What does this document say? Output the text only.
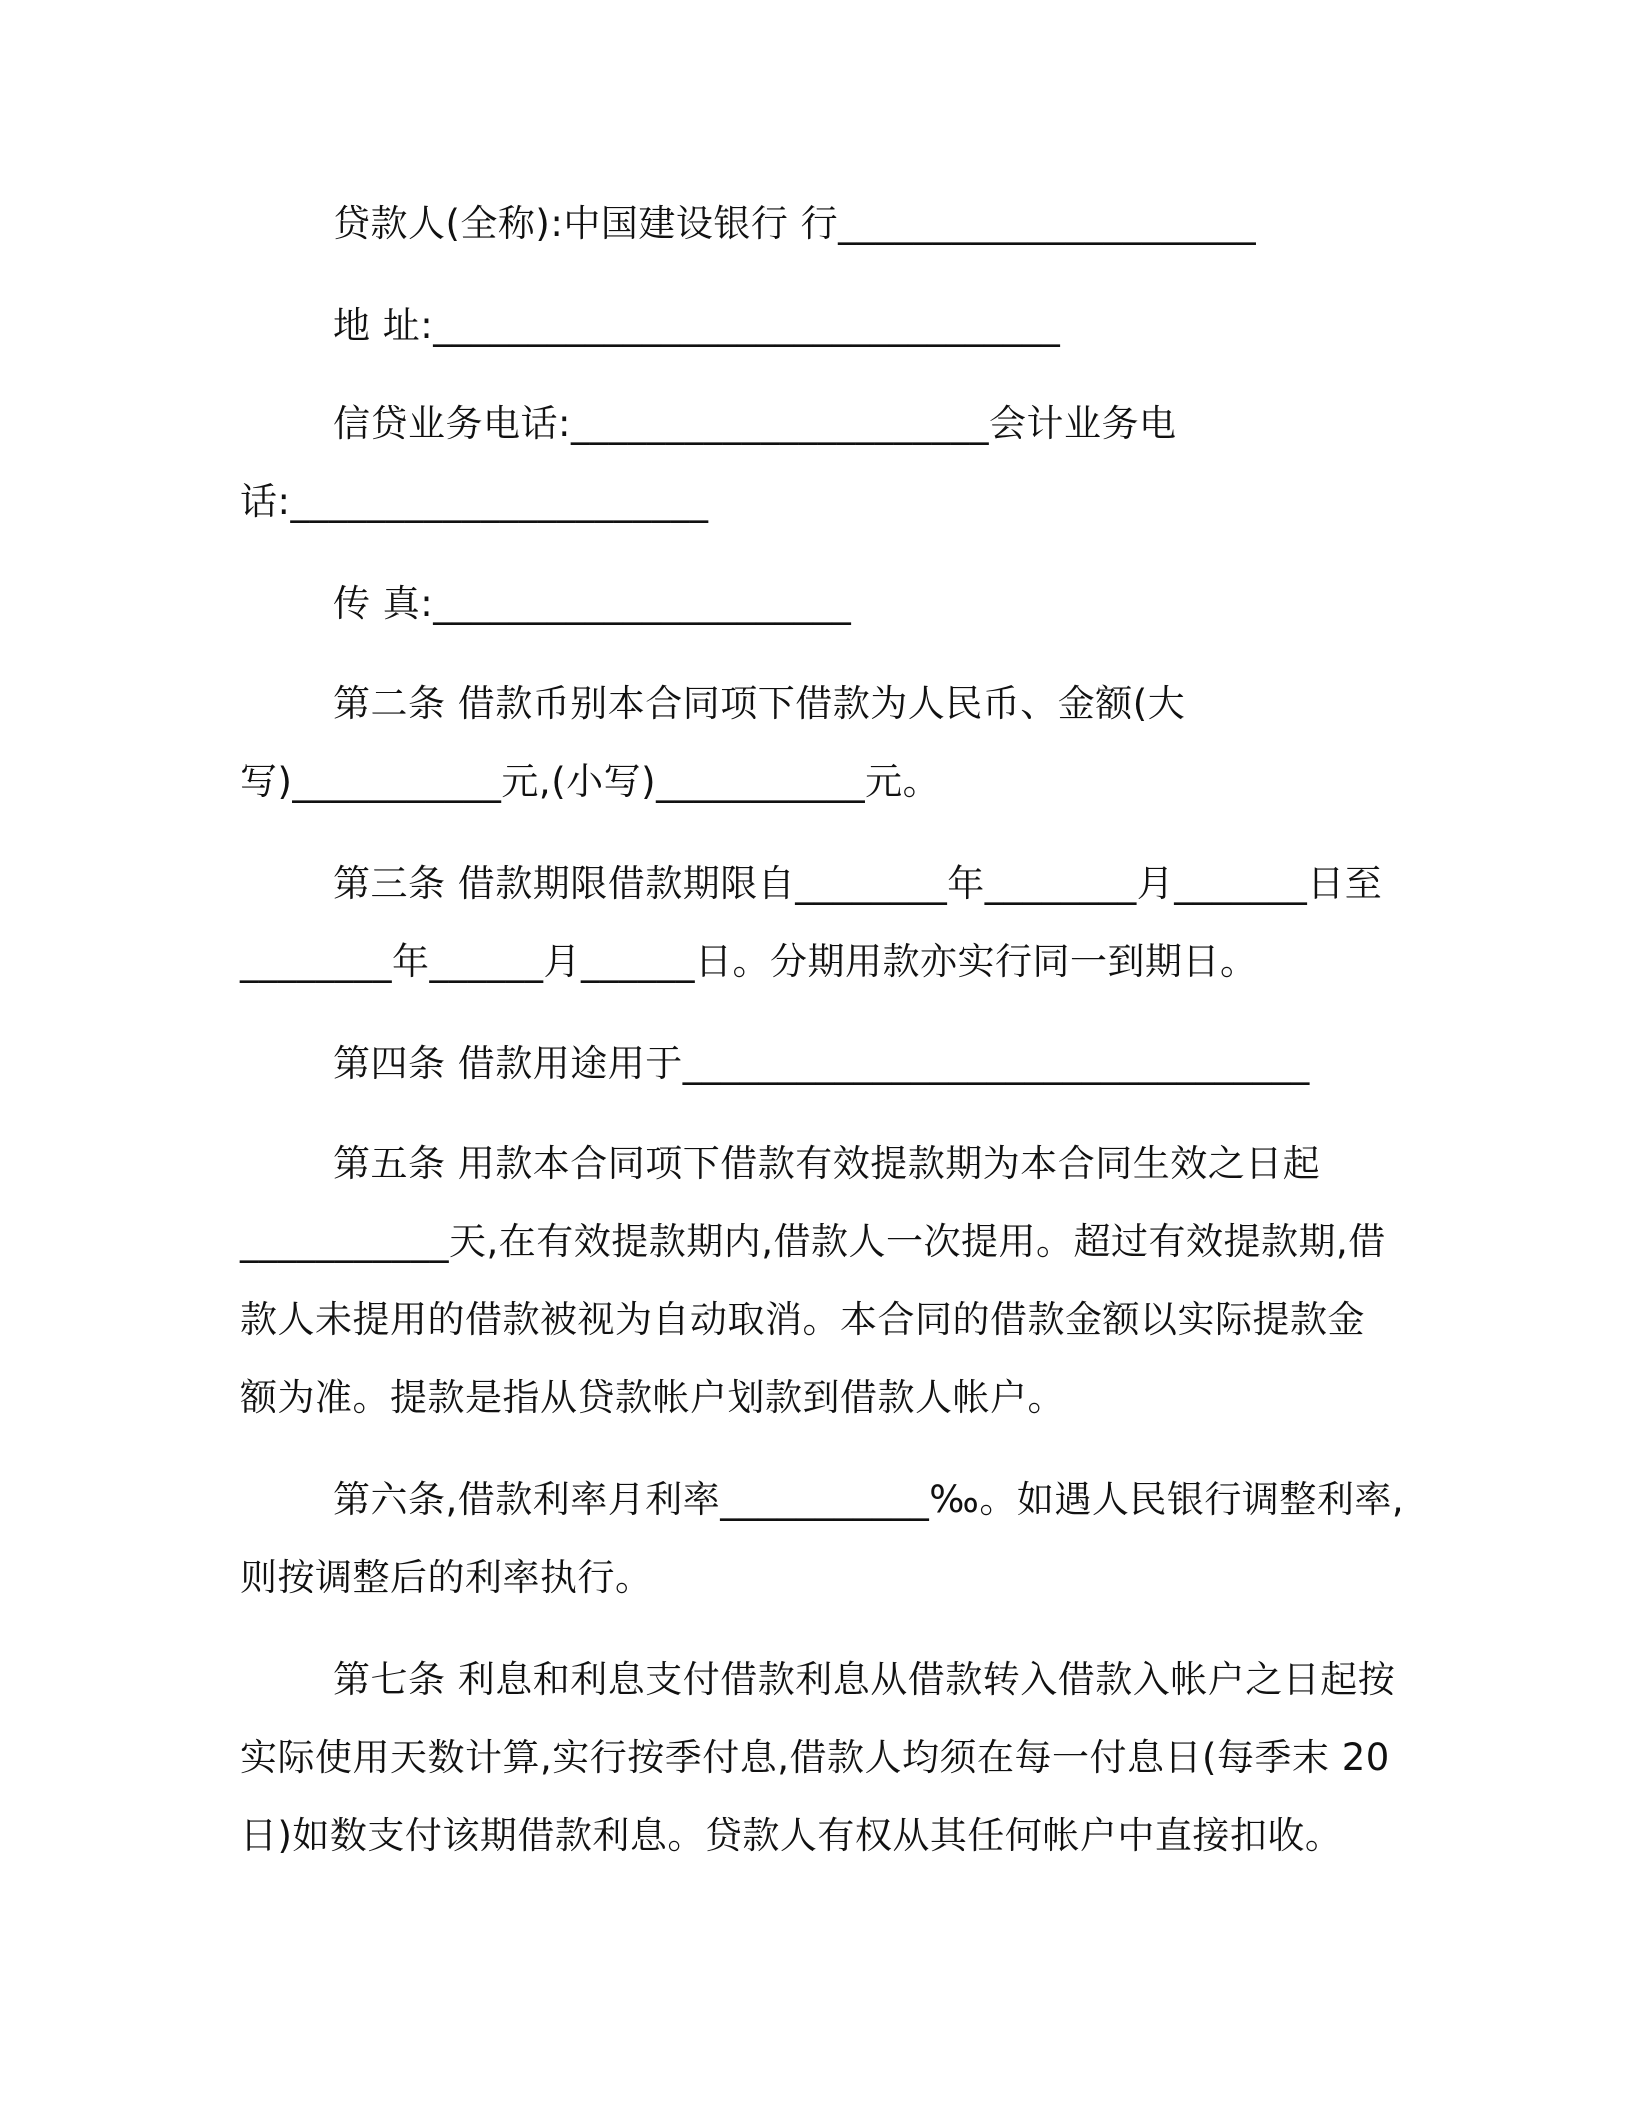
贷款人(全称):中国建设银行 行______________________
地 址:_________________________________
信贷业务电话:______________________会计业务电
话:______________________
传 真:______________________
第二条 借款币别本合同项下借款为人民币、金额(大
写)___________元,(小写)___________元。
第三条 借款期限借款期限自________年________月_______日至
________年______月______日。分期用款亦实行同一到期日。
第四条 借款用途用于_________________________________
第五条 用款本合同项下借款有效提款期为本合同生效之日起
___________天,在有效提款期内,借款人一次提用。超过有效提款期,借
款人未提用的借款被视为自动取消。本合同的借款金额以实际提款金
额为准。提款是指从贷款帐户划款到借款人帐户。
第六条,借款利率月利率___________‰。如遇人民银行调整利率,
则按调整后的利率执行。
第七条 利息和利息支付借款利息从借款转入借款入帐户之日起按
实际使用天数计算,实行按季付息,借款人均须在每一付息日(每季末 20
日)如数支付该期借款利息。贷款人有权从其任何帐户中直接扣收。
